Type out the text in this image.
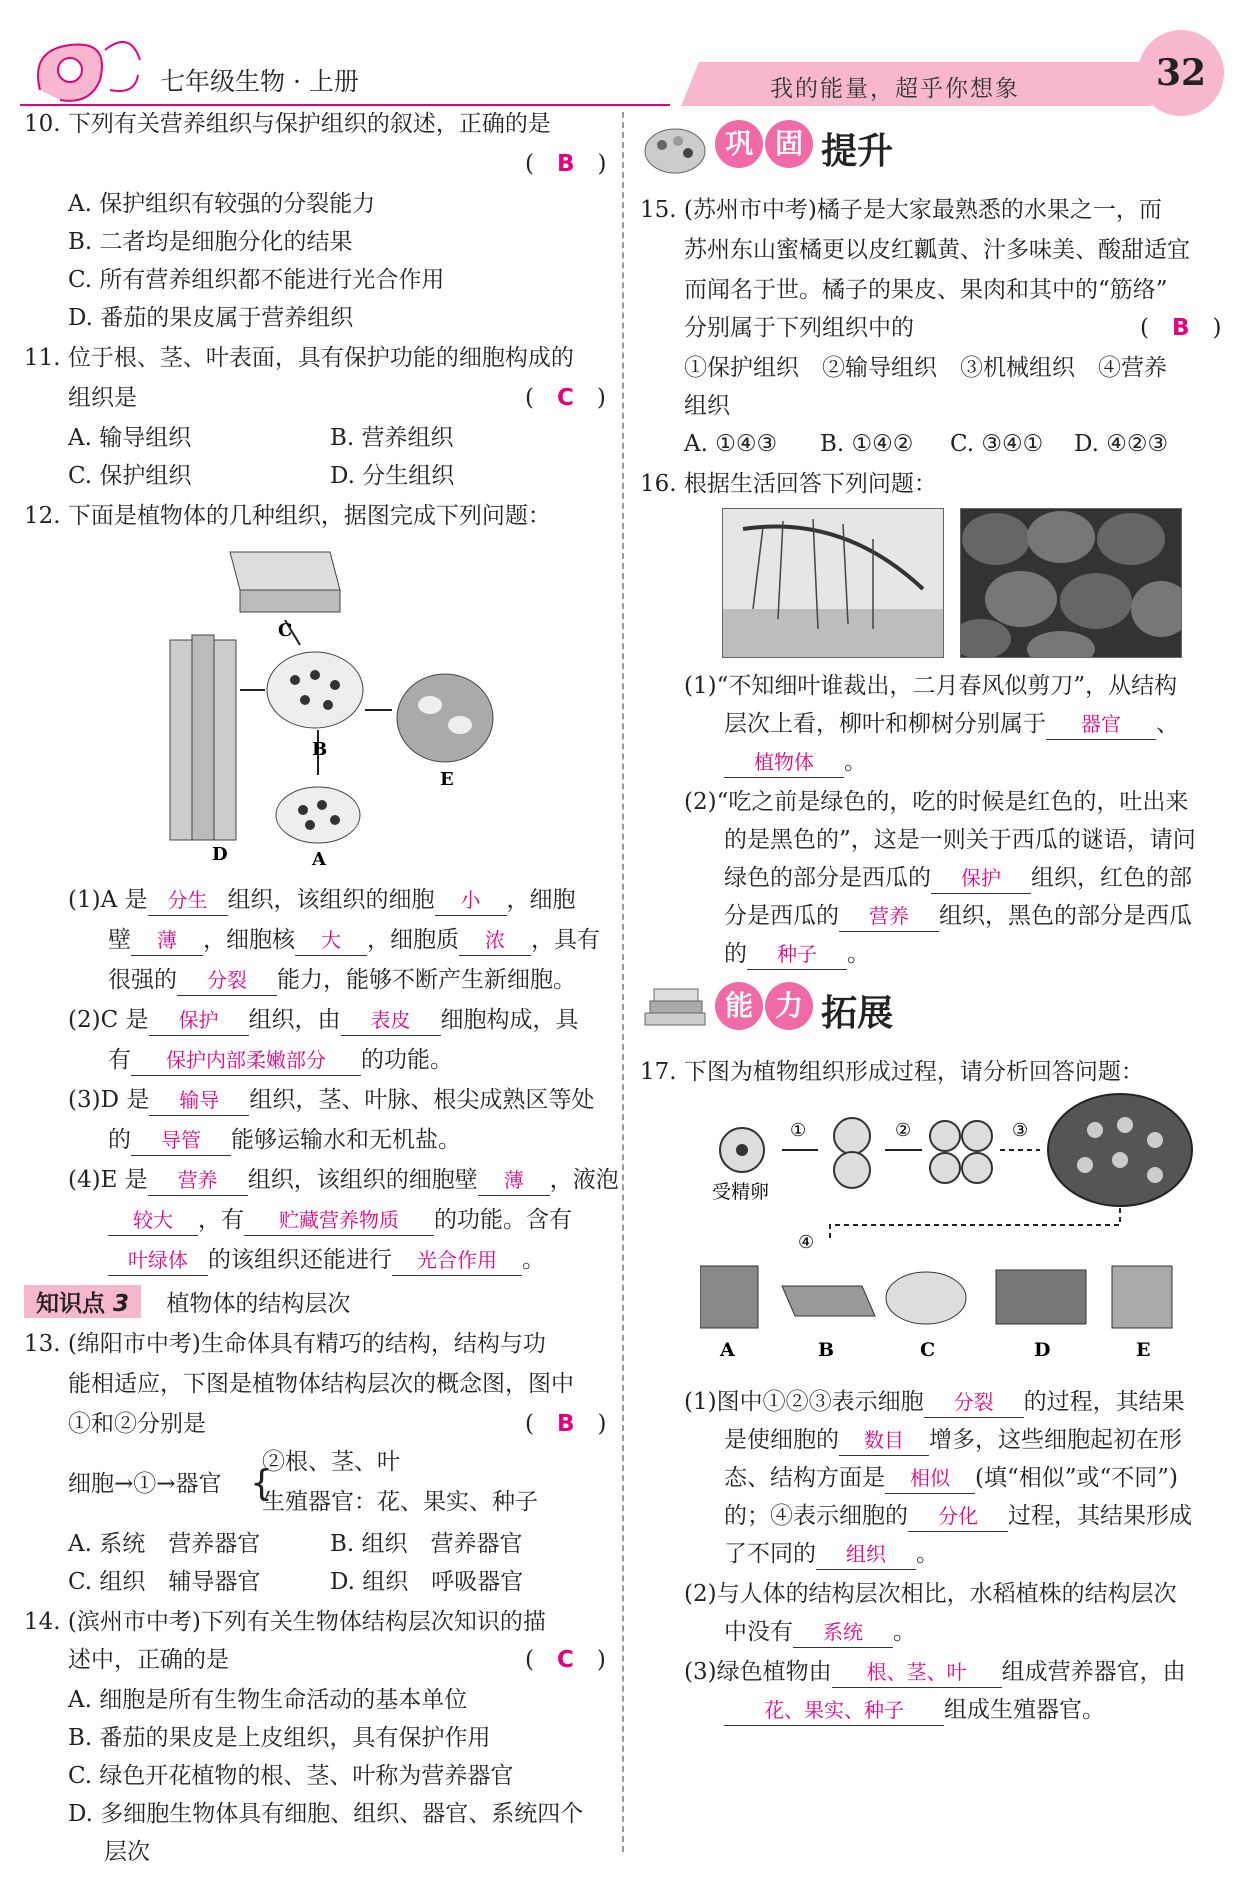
七年级生物 · 上册	我的能量，超乎你想象	32
10. 下列有关营养组织与保护组织的叙述，正确的是
(　B　)
A. 保护组织有较强的分裂能力
B. 二者均是细胞分化的结果
C. 所有营养组织都不能进行光合作用
D. 番茄的果皮属于营养组织
11. 位于根、茎、叶表面，具有保护功能的细胞构成的
组织是	(　C　)
A. 输导组织	B. 营养组织
C. 保护组织	D. 分生组织
12. 下面是植物体的几种组织，据图完成下列问题：
C
B
E
D	A
(1)A 是 分生 组织，该组织的细胞 小 ，细胞
壁 薄 ，细胞核 大 ，细胞质 浓 ，具有
很强的 分裂 能力，能够不断产生新细胞。
(2)C 是 保护 组织，由 表皮 细胞构成，具
有 保护内部柔嫩部分 的功能。
(3)D 是 输导 组织，茎、叶脉、根尖成熟区等处
的 导管 能够运输水和无机盐。
(4)E 是 营养 组织，该组织的细胞壁 薄 ，液泡
较大 ，有 贮藏营养物质 的功能。含有
叶绿体 的该组织还能进行 光合作用 。
知识点 3 植物体的结构层次
13. (绵阳市中考)生命体具有精巧的结构，结构与功
能相适应，下图是植物体结构层次的概念图，图中
①和②分别是	(　B　)
细胞→①→器官 {
②根、茎、叶
生殖器官：花、果实、种子
A. 系统　营养器官	B. 组织　营养器官
C. 组织　辅导器官	D. 组织　呼吸器官
14. (滨州市中考)下列有关生物体结构层次知识的描
述中，正确的是	(　C　)
A. 细胞是所有生物生命活动的基本单位
B. 番茄的果皮是上皮组织，具有保护作用
C. 绿色开花植物的根、茎、叶称为营养器官
D. 多细胞生物体具有细胞、组织、器官、系统四个
层次
巩 固 提升
15. (苏州市中考)橘子是大家最熟悉的水果之一，而
苏州东山蜜橘更以皮红瓤黄、汁多味美、酸甜适宜
而闻名于世。橘子的果皮、果肉和其中的“筋络”
分别属于下列组织中的	(　B　)
①保护组织　②输导组织　③机械组织　④营养
组织
A. ①④③ B. ①④② C. ③④① D. ④②③
16. 根据生活回答下列问题：
(1)“不知细叶谁裁出，二月春风似剪刀”，从结构
层次上看，柳叶和柳树分别属于 器官 、
植物体 。
(2)“吃之前是绿色的，吃的时候是红色的，吐出来
的是黑色的”，这是一则关于西瓜的谜语，请问
绿色的部分是西瓜的 保护 组织，红色的部
分是西瓜的 营养 组织，黑色的部分是西瓜
的 种子 。
能 力 拓展
17. 下图为植物组织形成过程，请分析回答问题：
受精卵
①	②	③
④
A	B	C	D	E
(1)图中①②③表示细胞 分裂 的过程，其结果
是使细胞的 数目 增多，这些细胞起初在形
态、结构方面是 相似 (填“相似”或“不同”)
的；④表示细胞的 分化 过程，其结果形成
了不同的 组织 。
(2)与人体的结构层次相比，水稻植株的结构层次
中没有 系统 。
(3)绿色植物由 根、茎、叶 组成营养器官，由
花、果实、种子 组成生殖器官。
